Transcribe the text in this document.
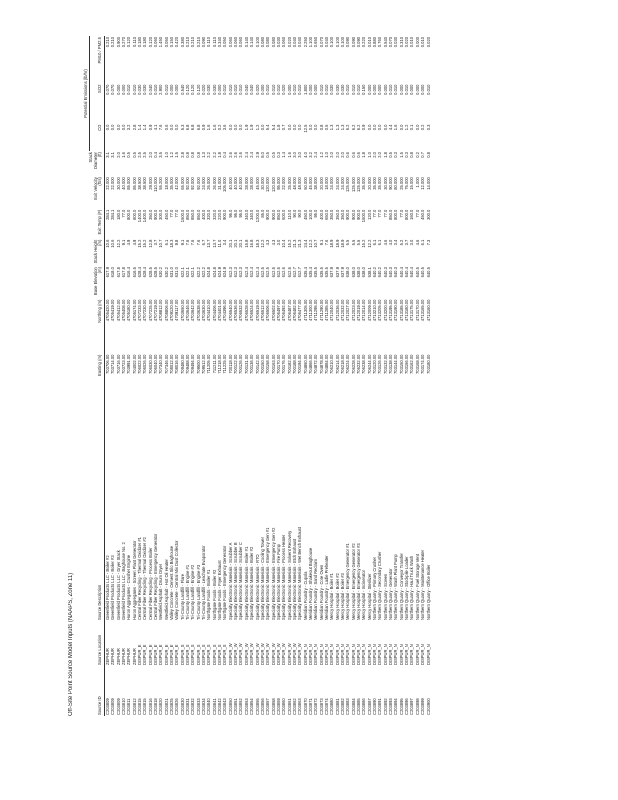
Off-Site Point Source Model Inputs (NAAPS, Zone 11)
										Potential Emissions (lb/hr)		
Source ID	Source Location	Source Description	Easting (m)	Northing (m)	Base Elevation (m)	Stack Height (m)	Exit Temp (F)	Exit Velocity (ft/s)	Stack Diameter (ft)	CO	SO2	PM10 / PM2.5
C203809	ZEPHUR	Greenfield Products LLC - Boiler #2	703706.00	4705420.00	617.9	10.6	284.1	22.000	3.1	0.0	0.070	0.210
C203809	ZEPHUR	Greenfield Products LLC - Boiler #3	703714.00	4705419.00	618.0	10.6	284.1	22.000	3.1	0.0	0.070	0.210
C203809	ZEPHUR	Greenfield Products LLC - Dryer Stack	703716.00	4705412.00	617.8	12.2	180.0	30.000	2.0	0.0	0.000	0.900
C203810	ZEPHUR	Greenfield Products LLC - Baghouse No. 2	703723.00	4705408.00	617.8	9.1	77.0	40.000	1.6	0.0	0.000	0.270
C203811	ZEPHUR	Huron Aggregates - Crusher Engine	703991.00	4705180.00	616.4	4.9	800.0	85.000	0.5	3.2	0.010	0.120
C203812	ZEPHUR	Huron Aggregates - Screen Plant Generator	704002.00	4705174.00	616.5	4.9	800.0	85.000	0.5	2.8	0.010	0.110
C203815	DISPUR_E	Central Fiber Recycling - Thermal Oxidizer #1	706022.00	4707233.00	628.4	15.2	1400.0	38.500	2.5	1.4	0.030	0.180
C203815	DISPUR_E	Central Fiber Recycling - Thermal Oxidizer #2	706026.00	4707230.00	628.4	15.2	1400.0	38.500	2.5	1.4	0.030	0.180
C203816	DISPUR_E	Central Fiber Recycling - Process Boiler	706030.00	4707225.00	628.5	12.8	350.0	29.000	2.0	0.9	0.040	0.120
C203818	DISPUR_E	Central Fiber Recycling - Emergency Generator	706040.00	4707219.00	628.5	3.7	900.0	110.000	0.4	4.1	0.010	0.060
C203820	DISPUR_E	Westfield Asphalt - Drum Dryer	707340.00	4708812.00	630.2	10.7	300.0	55.200	3.5	7.6	2.900	1.450
C203821	DISPUR_E	Westfield Asphalt - Hot Oil Heater	707346.00	4708806.00	630.2	6.1	450.0	18.000	1.0	0.6	0.010	0.050
C203825	DISPUR_E	Valley Concrete - Cement Silo Baghouse	708012.00	4709120.00	631.0	18.3	77.0	35.000	1.2	0.0	0.000	0.150
C203826	DISPUR_E	Valley Concrete - Central Mix Dust Collector	708016.00	4709117.00	631.0	9.8	77.0	42.000	1.5	0.0	0.000	0.420
C203830	DISPUR_S	Tri-County Landfill - Flare	709480.00	4703650.00	622.1	9.1	1500.0	65.000	2.8	5.3	0.540	0.380
C203831	DISPUR_S	Tri-County Landfill - Engine #1	709488.00	4703646.00	622.1	7.6	850.0	92.000	0.8	6.8	0.120	0.210
C203832	DISPUR_S	Tri-County Landfill - Engine #2	709494.00	4703642.00	622.1	7.6	850.0	92.000	0.8	6.8	0.120	0.210
C203833	DISPUR_S	Tri-County Landfill - Engine #3	709500.00	4703638.00	622.2	7.6	850.0	92.000	0.8	6.8	0.120	0.210
C203834	DISPUR_S	Tri-County Landfill - Leachate Evaporator	709512.00	4703630.00	622.2	6.7	400.0	24.000	1.3	0.9	0.020	0.090
C203840	DISPUR_S	Northgate Foods - Boiler #1	711205.00	4704410.00	624.8	13.7	320.0	26.000	2.2	1.6	0.030	0.110
C203841	DISPUR_S	Northgate Foods - Boiler #2	711211.00	4704406.00	624.8	13.7	320.0	26.000	2.2	1.6	0.030	0.110
C203842	DISPUR_S	Northgate Foods - Fryer Exhaust	711218.00	4704401.00	624.9	11.0	220.0	31.000	1.8	0.2	0.000	0.340
C203843	DISPUR_S	Northgate Foods - Emergency Generator	711225.00	4704396.00	624.9	3.4	900.0	105.000	0.4	3.6	0.010	0.050
C203850	DISPUR_W	Specialty Electronic Materials - Scrubber A	700118.00	4706540.00	612.3	20.1	95.0	40.000	2.6	0.0	0.010	0.060
C203851	DISPUR_W	Specialty Electronic Materials - Scrubber B	700122.00	4706536.00	612.3	20.1	95.0	40.000	2.6	0.0	0.010	0.060
C203852	DISPUR_W	Specialty Electronic Materials - Scrubber C	700126.00	4706532.00	612.3	20.1	95.0	40.000	2.6	0.0	0.010	0.060
C203853	DISPUR_W	Specialty Electronic Materials - Boiler #1	700131.00	4706528.00	612.4	16.8	340.0	28.000	2.4	1.9	0.040	0.140
C203854	DISPUR_W	Specialty Electronic Materials - Boiler #2	700136.00	4706524.00	612.4	16.8	340.0	28.000	2.4	1.9	0.040	0.140
C203855	DISPUR_W	Specialty Electronic Materials - RTO	700142.00	4706519.00	612.4	18.3	1200.0	45.000	2.9	1.2	0.020	0.100
C203856	DISPUR_W	Specialty Electronic Materials - Cooling Tower	700150.00	4706512.00	612.5	12.2	85.0	30.000	8.0	0.0	0.000	0.080
C203857	DISPUR_W	Specialty Electronic Materials - Emergency Gen #1	700158.00	4706506.00	612.5	4.3	900.0	120.000	0.5	5.4	0.010	0.080
C203858	DISPUR_W	Specialty Electronic Materials - Emergency Gen #2	700163.00	4706502.00	612.5	4.3	900.0	120.000	0.5	5.4	0.010	0.080
C203859	DISPUR_W	Specialty Electronic Materials - Fire Pump	700170.00	4706497.00	612.6	3.0	850.0	95.000	0.3	1.8	0.010	0.030
C203860	DISPUR_W	Specialty Electronic Materials - Process Heater	700176.00	4706492.00	612.6	10.4	600.0	22.000	1.4	0.7	0.020	0.060
C203861	DISPUR_W	Specialty Electronic Materials - Solvent Recovery	700182.00	4706487.00	612.6	15.2	110.0	25.000	1.6	0.0	0.000	0.020
C203862	DISPUR_W	Specialty Electronic Materials - Etch Exhaust	700188.00	4706482.00	612.7	21.3	90.0	48.000	3.0	0.0	0.010	0.040
C203863	DISPUR_W	Specialty Electronic Materials - Wet Bench Exhaust	700194.00	4706477.00	612.7	21.3	90.0	48.000	3.0	0.0	0.010	0.040
C203870	DISPUR_N	Meridian Foundry - Cupola	704860.00	4711305.00	635.4	24.4	450.0	50.000	4.0	12.5	1.800	2.250
C203871	DISPUR_N	Meridian Foundry - Shakeout Baghouse	704866.00	4711300.00	635.4	12.2	100.0	45.000	3.2	0.0	0.000	1.100
C203872	DISPUR_N	Meridian Foundry - Sand Reclaim	704872.00	4711295.00	635.5	10.7	95.0	38.000	2.4	0.0	0.000	0.650
C203873	DISPUR_N	Meridian Foundry - Core Oven	704878.00	4711290.00	635.5	9.1	400.0	20.000	1.2	0.8	0.010	0.070
C203874	DISPUR_N	Meridian Foundry - Ladle Preheater	704884.00	4711285.00	635.5	7.6	650.0	18.000	1.0	0.5	0.010	0.040
C203880	DISPUR_N	Mercy Hospital - Boiler #1	706210.00	4712040.00	637.9	18.9	350.0	24.000	2.0	1.3	0.030	0.100
C203881	DISPUR_N	Mercy Hospital - Boiler #2	706214.00	4712036.00	637.9	18.9	350.0	24.000	2.0	1.3	0.030	0.100
C203882	DISPUR_N	Mercy Hospital - Boiler #3	706218.00	4712032.00	637.9	18.9	350.0	24.000	2.0	1.3	0.030	0.100
C203883	DISPUR_N	Mercy Hospital - Emergency Generator #1	706224.00	4712027.00	638.0	5.5	900.0	125.000	0.6	6.2	0.010	0.090
C203884	DISPUR_N	Mercy Hospital - Emergency Generator #2	706228.00	4712023.00	638.0	5.5	900.0	125.000	0.6	6.2	0.010	0.090
C203885	DISPUR_N	Mercy Hospital - Emergency Generator #3	706232.00	4712019.00	638.0	5.5	900.0	125.000	0.6	6.2	0.010	0.090
C203886	DISPUR_N	Mercy Hospital - Incinerator	706238.00	4712014.00	638.0	15.2	1600.0	35.000	1.8	0.9	0.150	0.220
C203887	DISPUR_N	Mercy Hospital - Sterilizer	706244.00	4712009.00	638.1	12.2	120.0	20.000	1.0	0.0	0.000	0.010
C203890	DISPUR_N	Northern Quarry - Primary Crusher	703120.00	4713210.00	640.2	6.1	77.0	35.000	2.0	0.0	0.000	0.880
C203891	DISPUR_N	Northern Quarry - Secondary Crusher	703126.00	4713205.00	640.2	6.1	77.0	35.000	2.0	0.0	0.000	0.760
C203892	DISPUR_N	Northern Quarry - Screen	703132.00	4713200.00	640.3	4.6	77.0	30.000	1.8	0.0	0.000	0.540
C203893	DISPUR_N	Northern Quarry - Generator	703138.00	4713195.00	640.3	4.0	850.0	90.000	0.5	4.4	0.010	0.070
C203894	DISPUR_N	Northern Quarry - Wash Plant Pump	703144.00	4713190.00	640.3	3.4	800.0	80.000	0.3	1.6	0.010	0.030
C203895	DISPUR_N	Northern Quarry - Conveyor Transfer	703150.00	4713185.00	640.4	5.2	77.0	25.000	1.5	0.0	0.000	0.310
C203896	DISPUR_N	Northern Quarry - Stockpile Loader	703156.00	4713180.00	640.4	3.7	800.0	75.000	0.3	1.2	0.010	0.020
C203897	DISPUR_N	Northern Quarry - Haul Truck Wash	703162.00	4713175.00	640.4	3.0	160.0	15.000	0.8	0.1	0.000	0.010
C203898	DISPUR_N	Northern Quarry - Fuel Storage Vent	703168.00	4713170.00	640.5	4.6	77.0	1.000	0.2	0.0	0.000	0.000
C203899	DISPUR_N	Northern Quarry - Maintenance Heater	703174.00	4713165.00	640.5	6.1	450.0	12.000	0.7	0.2	0.000	0.010
C203900	DISPUR_N	Northern Quarry - Office Boiler	703180.00	4713160.00	640.5	7.3	300.0	14.000	0.8	0.3	0.010	0.020
